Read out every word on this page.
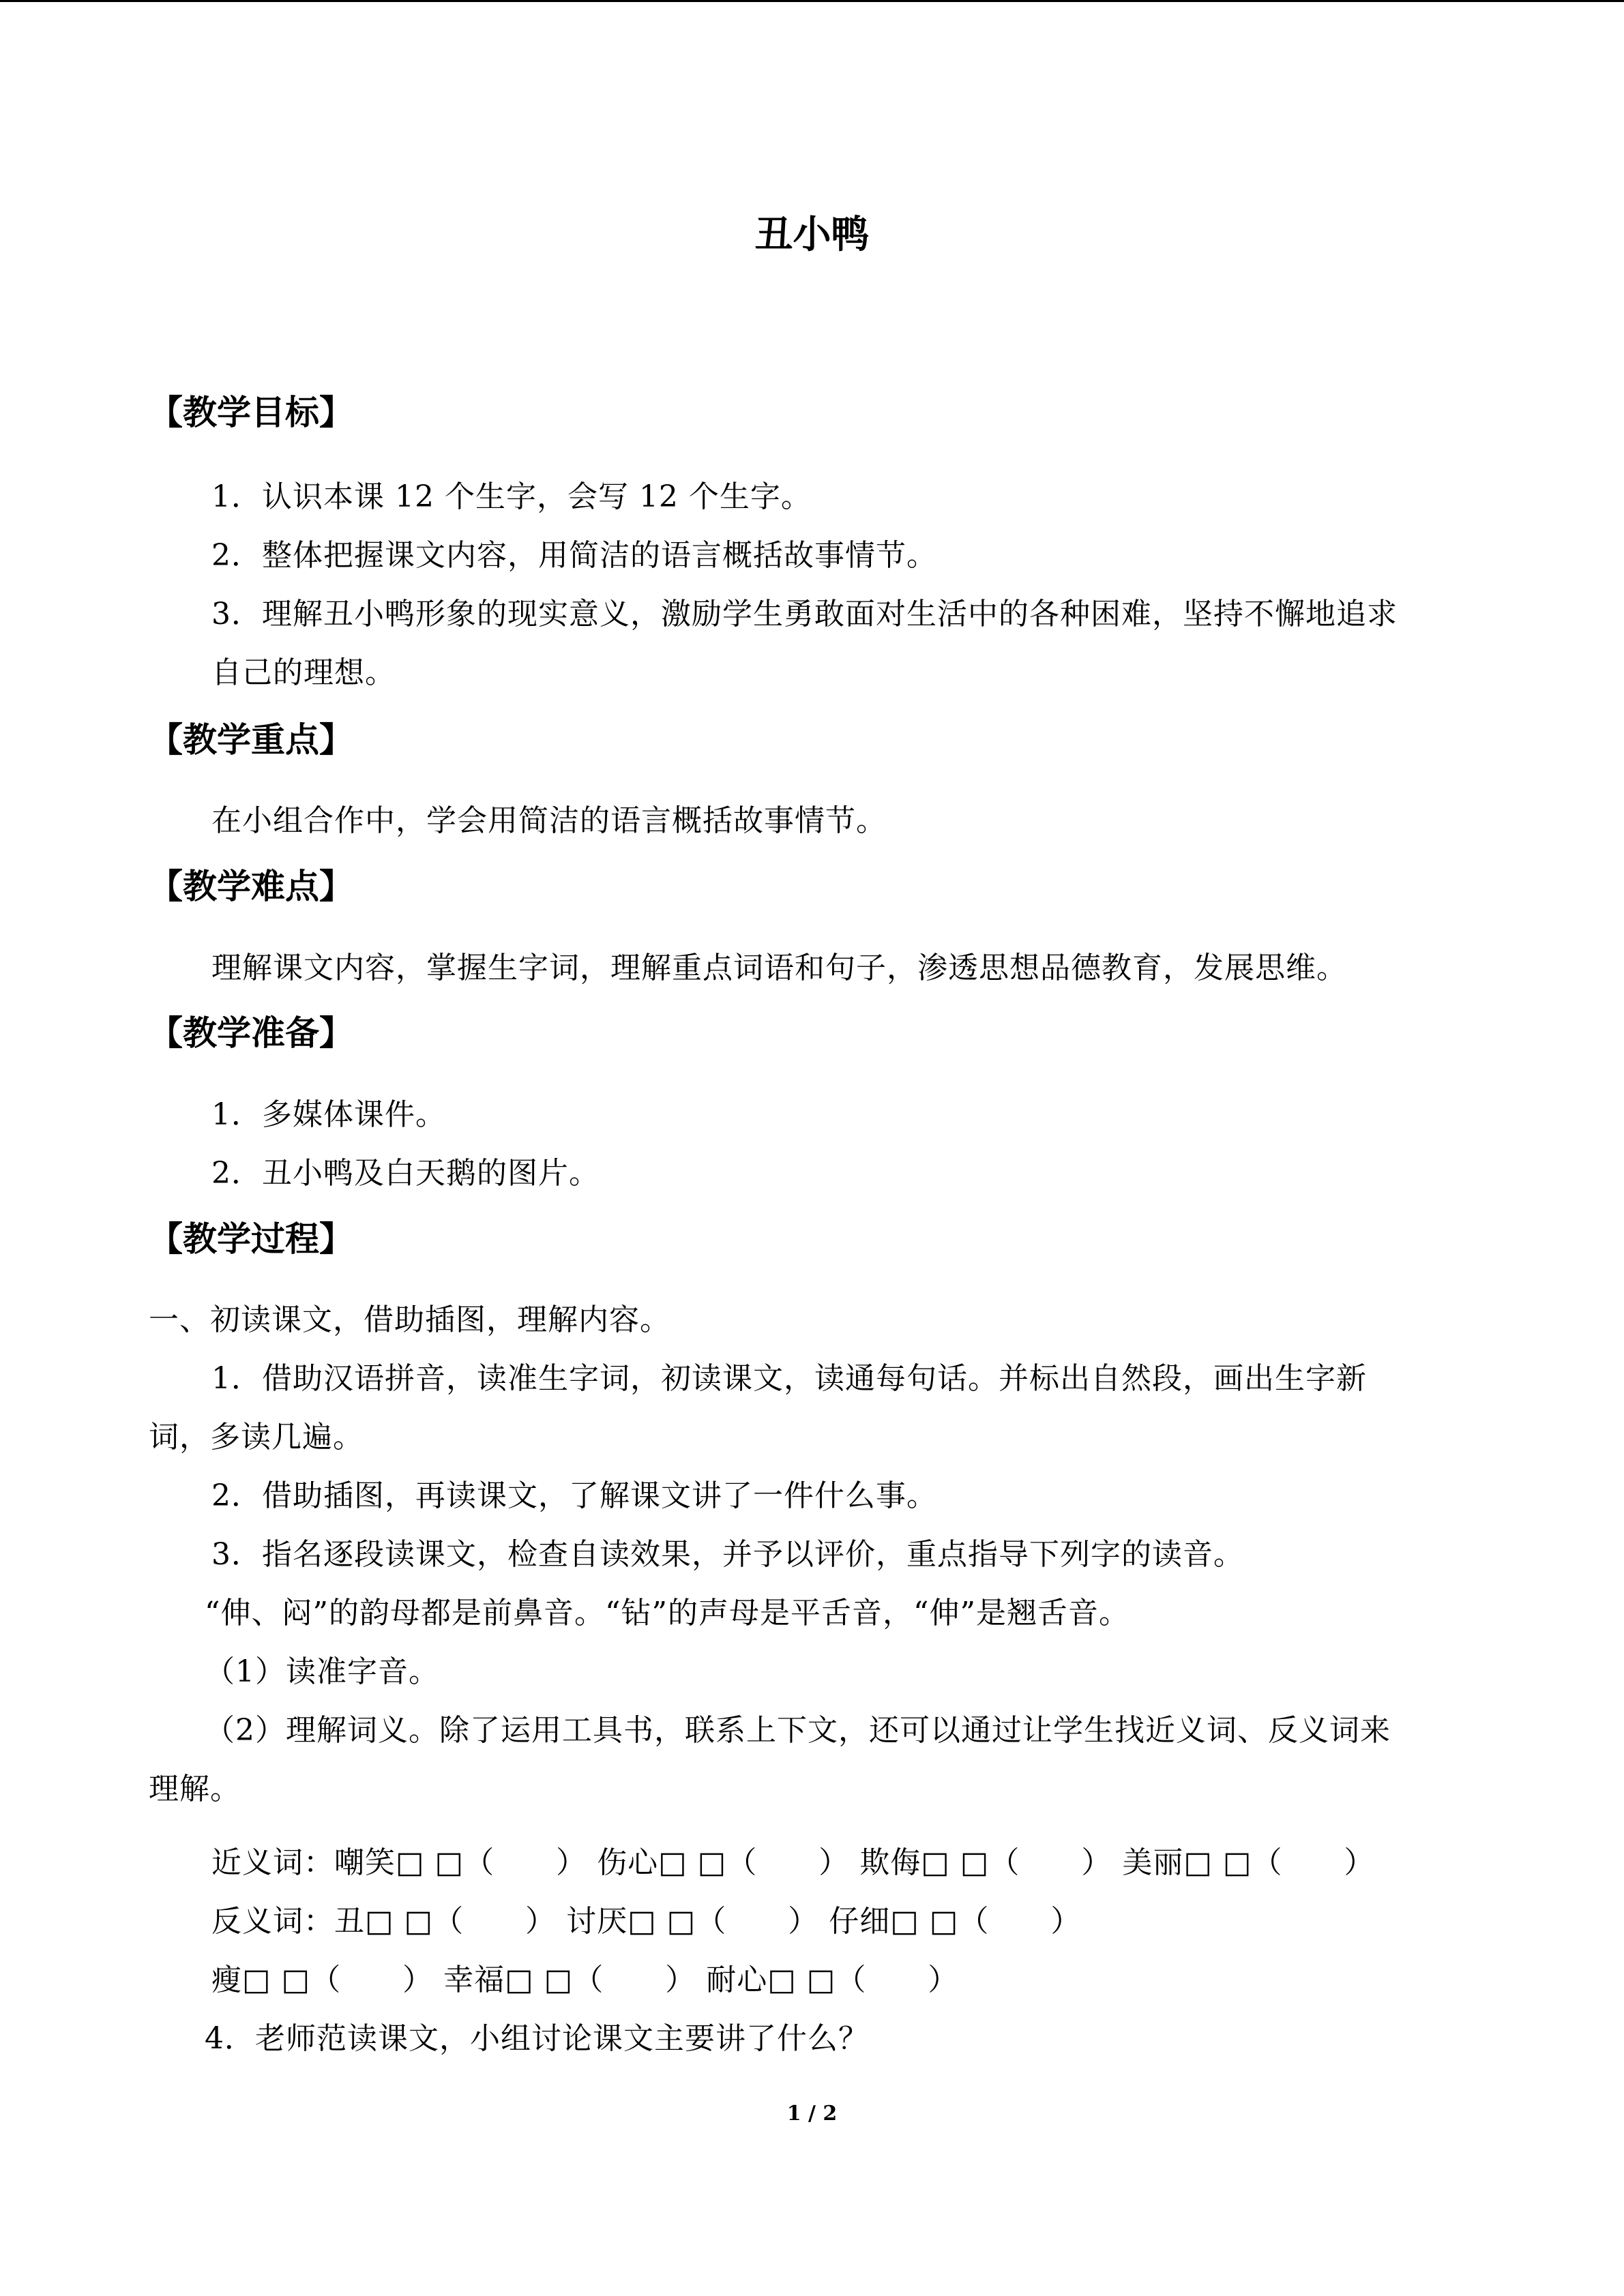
丑小鸭
【教学目标】
1．认识本课 12 个生字，会写 12 个生字。
2．整体把握课文内容，用简洁的语言概括故事情节。
3．理解丑小鸭形象的现实意义，激励学生勇敢面对生活中的各种困难，坚持不懈地追求
自己的理想。
【教学重点】
在小组合作中，学会用简洁的语言概括故事情节。
【教学难点】
理解课文内容，掌握生字词，理解重点词语和句子，渗透思想品德教育，发展思维。
【教学准备】
1．多媒体课件。
2．丑小鸭及白天鹅的图片。
【教学过程】
一、初读课文，借助插图，理解内容。
1．借助汉语拼音，读准生字词，初读课文，读通每句话。并标出自然段，画出生字新
词，多读几遍。
2．借助插图，再读课文，了解课文讲了一件什么事。
3．指名逐段读课文，检查自读效果，并予以评价，重点指导下列字的读音。
“伸、闷”的韵母都是前鼻音。“钻”的声母是平舌音，“伸”是翘舌音。
（1）读准字音。
（2）理解词义。除了运用工具书，联系上下文，还可以通过让学生找近义词、反义词来
理解。
近义词：嘲笑□ □（　　） 伤心□ □（　　） 欺侮□ □（　　） 美丽□ □（　　）
反义词：丑□ □（　　） 讨厌□ □（　　） 仔细□ □（　　）
瘦□ □（　　） 幸福□ □（　　） 耐心□ □（　　）
4．老师范读课文，小组讨论课文主要讲了什么？
1 / 2
